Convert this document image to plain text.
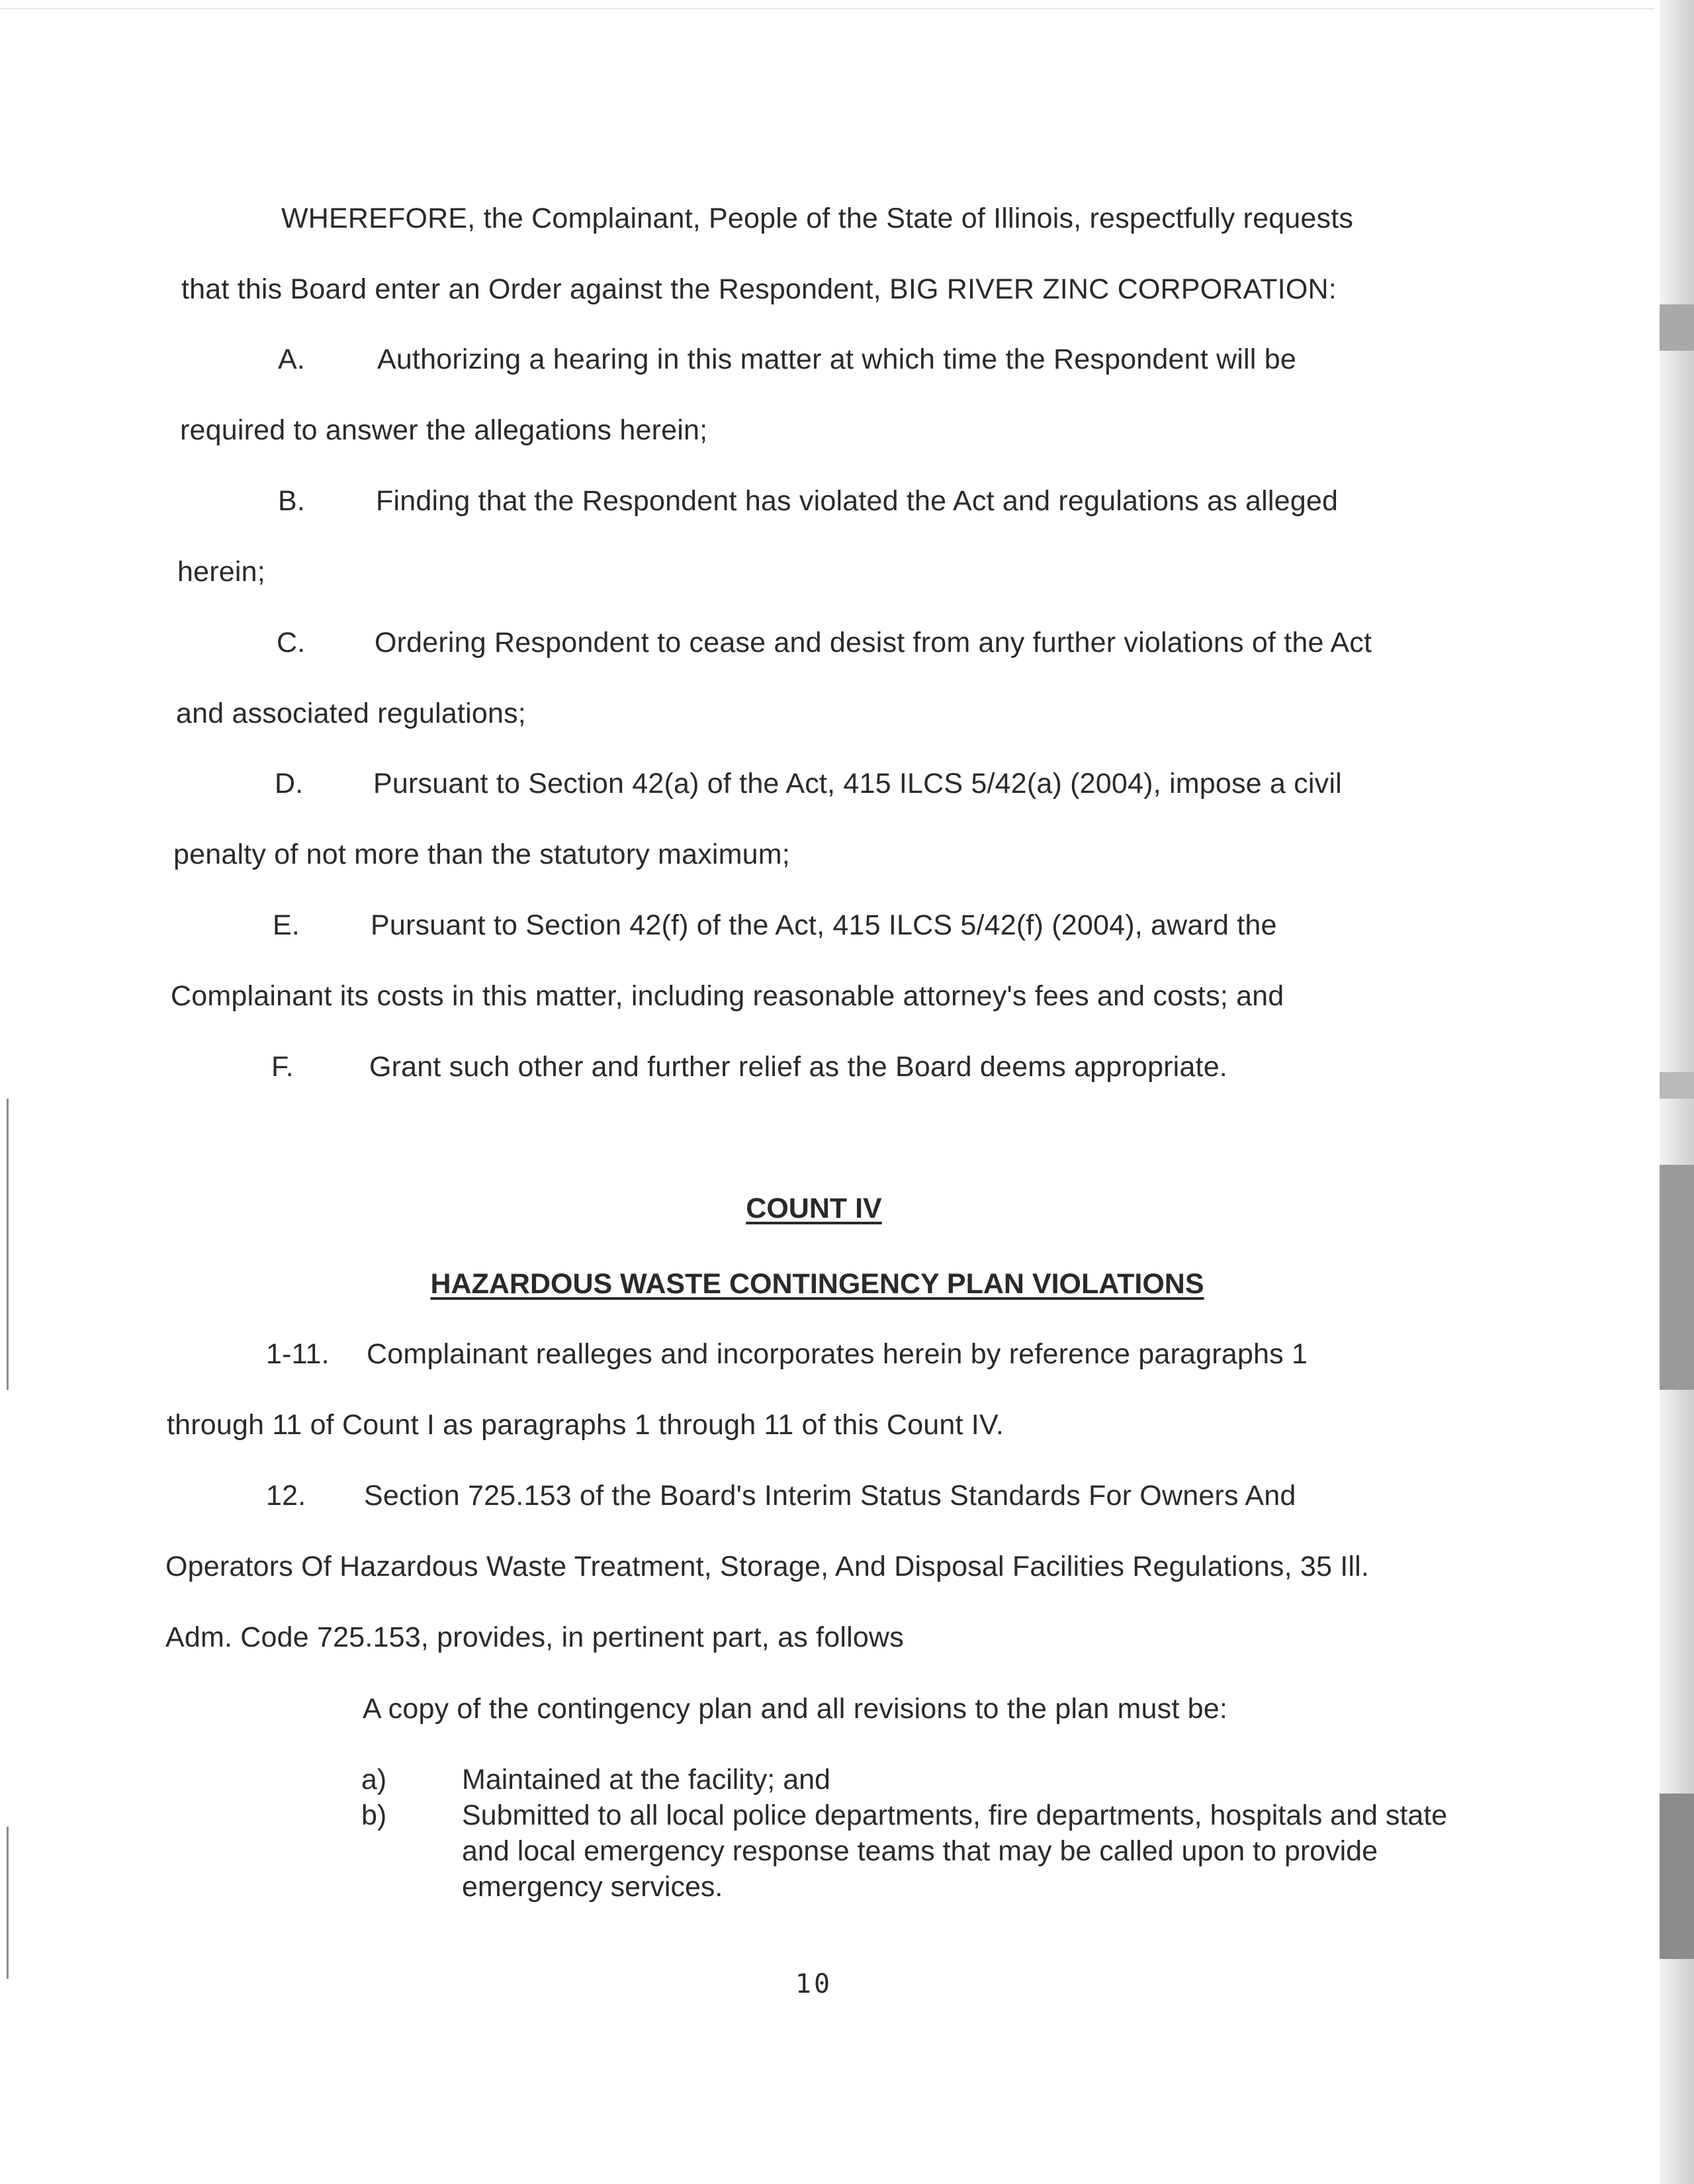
WHEREFORE, the Complainant, People of the State of Illinois, respectfully requests
that this Board enter an Order against the Respondent, BIG RIVER ZINC CORPORATION:
A.	Authorizing a hearing in this matter at which time the Respondent will be
required to answer the allegations herein;
B. Finding that the Respondent has violated the Act and regulations as alleged
herein;
C. Ordering Respondent to cease and desist from any further violations of the Act
and associated regulations;
D. Pursuant to Section 42(a) of the Act, 415 ILCS 5/42(a) (2004), impose a civil
penalty of not more than the statutory maximum;
E. Pursuant to Section 42(f) of the Act, 415 ILCS 5/42(f) (2004), award the
Complainant its costs in this matter, including reasonable attorney's fees and costs; and
F.	Grant such other and further relief as the Board deems appropriate.
COUNT IV
HAZARDOUS WASTE CONTINGENCY PLAN VIOLATIONS
1-11. Complainant realleges and incorporates herein by reference paragraphs 1
through 11 of Count I as paragraphs 1 through 11 of this Count IV.
12. Section 725.153 of the Board's Interim Status Standards For Owners And
Operators Of Hazardous Waste Treatment, Storage, And Disposal Facilities Regulations, 35 Ill.
Adm. Code 725.153, provides, in pertinent part, as follows
A copy of the contingency plan and all revisions to the plan must be:
a)	Maintained at the facility; and
b)	Submitted to all local police departments, fire departments, hospitals and state and local emergency response teams that may be called upon to provide emergency services.
10
